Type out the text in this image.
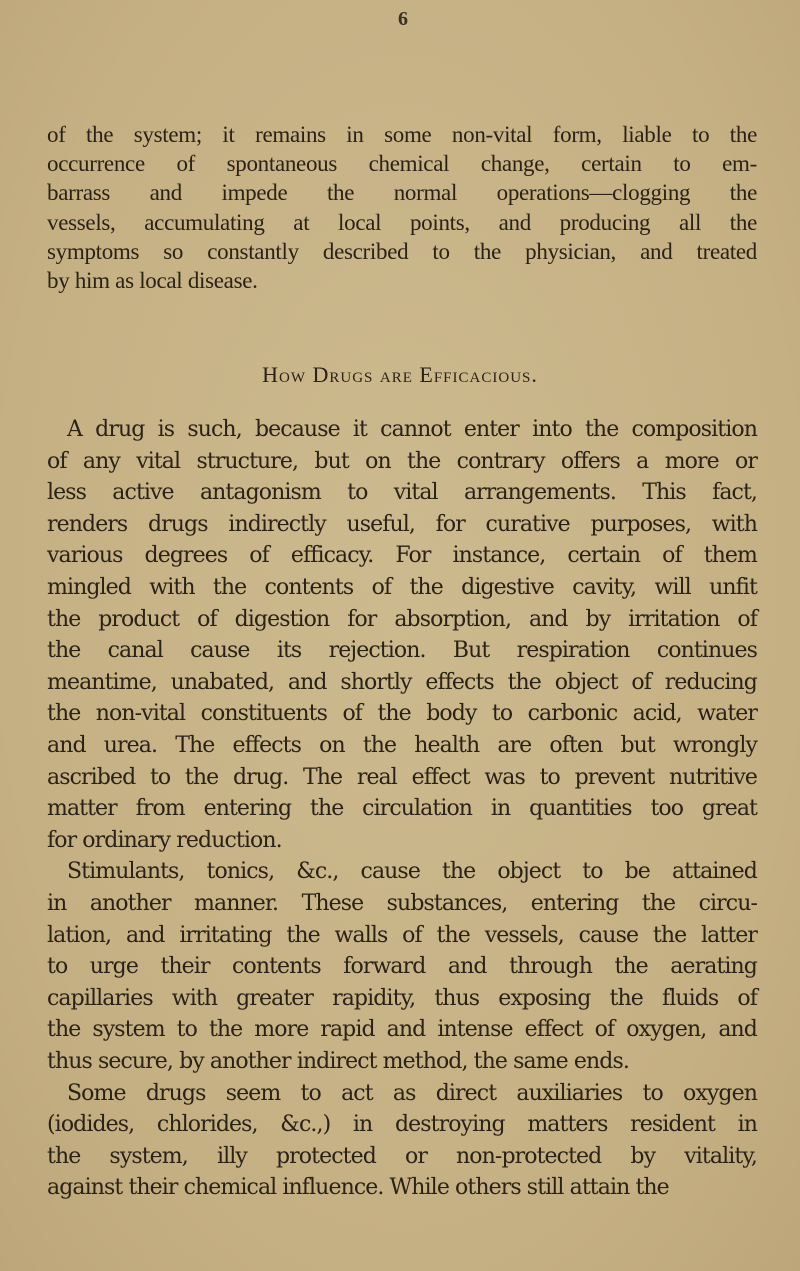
6
of the system; it remains in some non-vital form, liable to the
occurrence of spontaneous chemical change, certain to em-
barrass and impede the normal operations—clogging the
vessels, accumulating at local points, and producing all the
symptoms so constantly described to the physician, and treated
by him as local disease.
How Drugs are Efficacious.
A drug is such, because it cannot enter into the composition
of any vital structure, but on the contrary offers a more or
less active antagonism to vital arrangements. This fact,
renders drugs indirectly useful, for curative purposes, with
various degrees of efficacy. For instance, certain of them
mingled with the contents of the digestive cavity, will unfit
the product of digestion for absorption, and by irritation of
the canal cause its rejection. But respiration continues
meantime, unabated, and shortly effects the object of reducing
the non-vital constituents of the body to carbonic acid, water
and urea. The effects on the health are often but wrongly
ascribed to the drug. The real effect was to prevent nutritive
matter from entering the circulation in quantities too great
for ordinary reduction.
Stimulants, tonics, &c., cause the object to be attained
in another manner. These substances, entering the circu-
lation, and irritating the walls of the vessels, cause the latter
to urge their contents forward and through the aerating
capillaries with greater rapidity, thus exposing the fluids of
the system to the more rapid and intense effect of oxygen, and
thus secure, by another indirect method, the same ends.
Some drugs seem to act as direct auxiliaries to oxygen
(iodides, chlorides, &c.,) in destroying matters resident in
the system, illy protected or non-protected by vitality,
against their chemical influence. While others still attain the
